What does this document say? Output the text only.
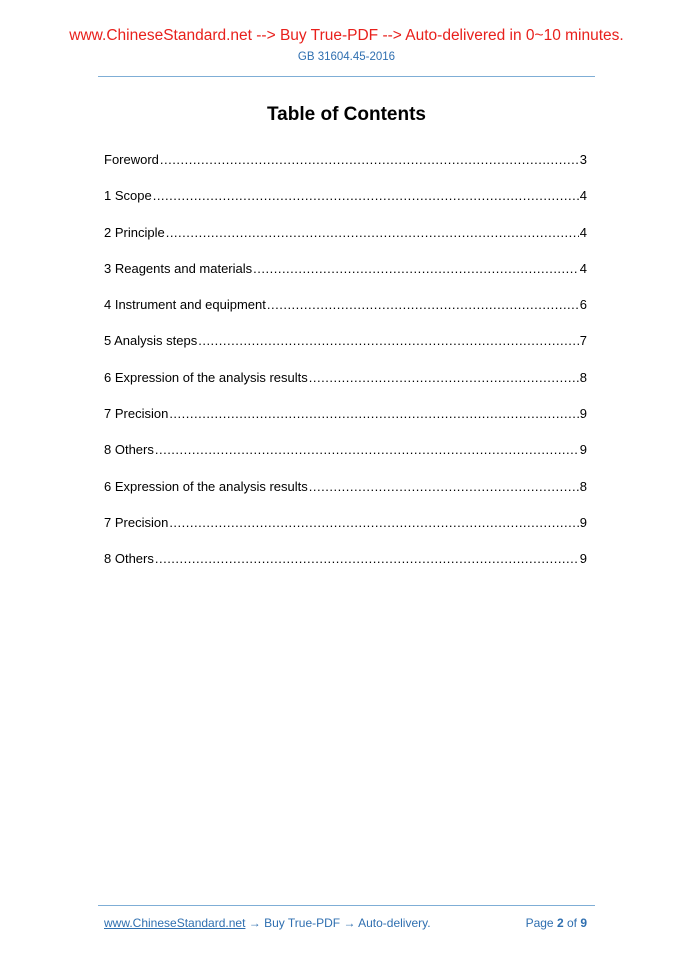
www.ChineseStandard.net --> Buy True-PDF --> Auto-delivered in 0~10 minutes.
GB 31604.45-2016
Table of Contents
Foreword .....	3
1 Scope .....	4
2 Principle .....	4
3 Reagents and materials .....	4
4 Instrument and equipment .....	6
5 Analysis steps .....	7
6 Expression of the analysis results .....	8
7 Precision .....	9
8 Others .....	9
6 Expression of the analysis results .....	8
7 Precision .....	9
8 Others .....	9
www.ChineseStandard.net → Buy True-PDF → Auto-delivery.	Page 2 of 9
